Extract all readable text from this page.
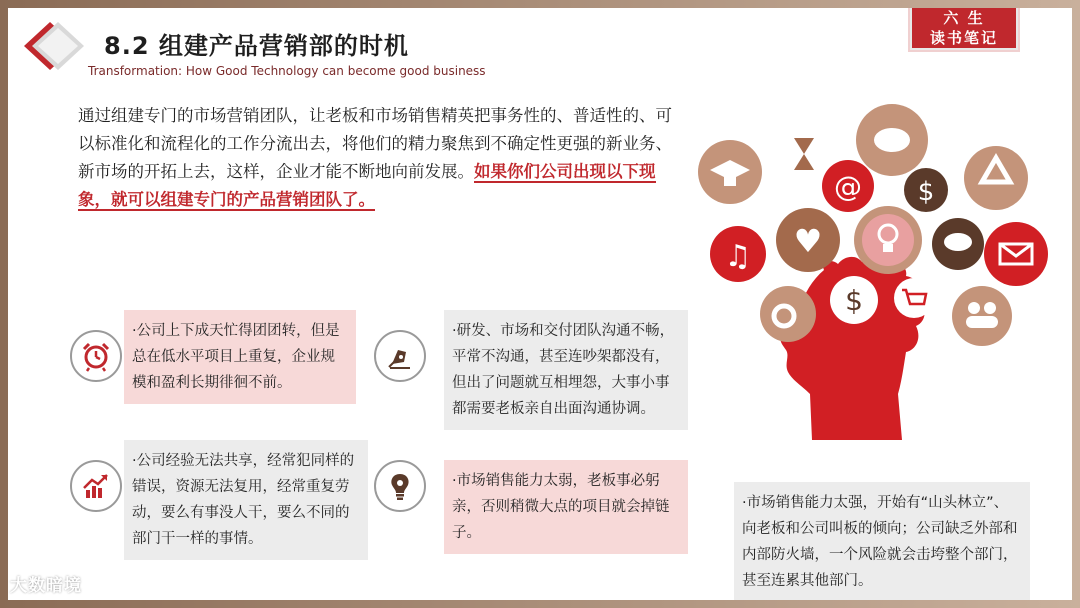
8.2 组建产品营销部的时机
Transformation: How Good Technology can become good business
六 生
读书笔记
通过组建专门的市场营销团队，让老板和市场销售精英把事务性的、普适性的、可以标准化和流程化的工作分流出去，将他们的精力聚焦到不确定性更强的新业务、新市场的开拓上去，这样，企业才能不断地向前发展。如果你们公司出现以下现象，就可以组建专门的产品营销团队了。
·公司上下成天忙得团团转，但是总在低水平项目上重复，企业规模和盈利长期徘徊不前。
·研发、市场和交付团队沟通不畅，平常不沟通，甚至连吵架都没有，但出了问题就互相埋怨，大事小事都需要老板亲自出面沟通协调。
·公司经验无法共享，经常犯同样的错误，资源无法复用，经常重复劳动，要么有事没人干，要么不同的部门干一样的事情。
·市场销售能力太弱，老板事必躬亲，否则稍微大点的项目就会掉链子。
·市场销售能力太强，开始有“山头林立”、向老板和公司叫板的倾向；公司缺乏外部和内部防火墙，一个风险就会击垮整个部门，甚至连累其他部门。
@ $
♫ ♥
$
大数暗境
